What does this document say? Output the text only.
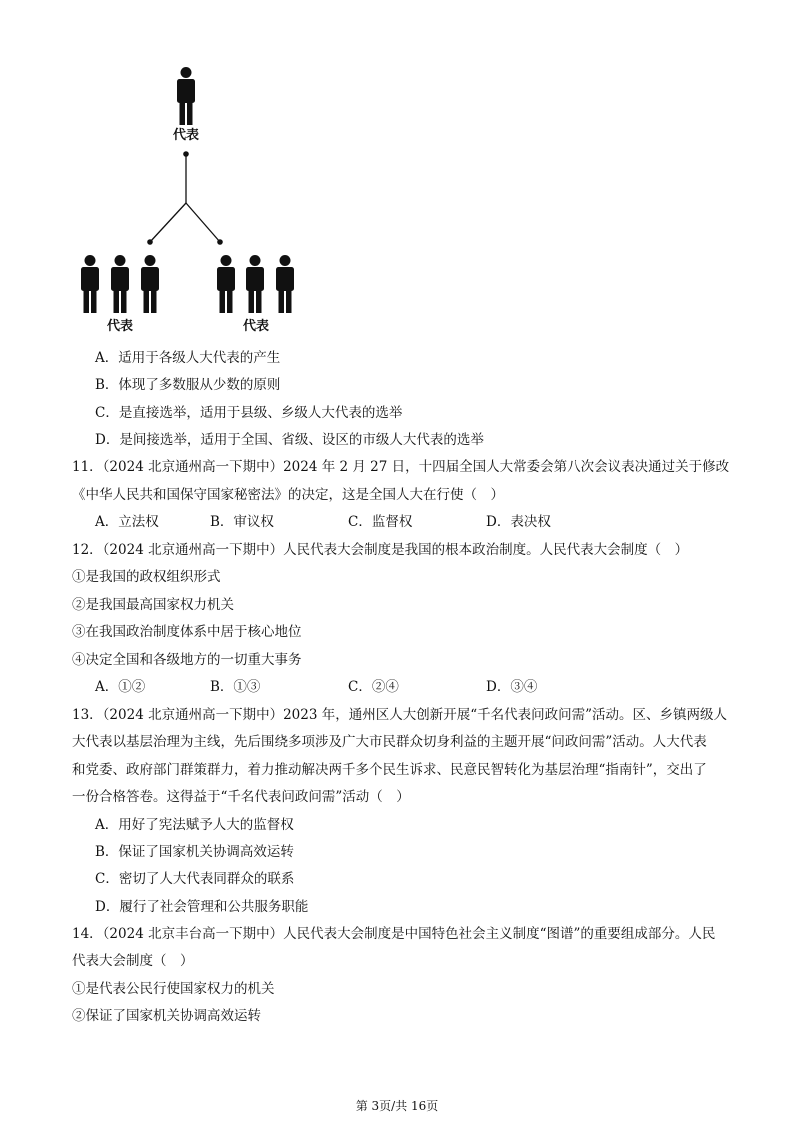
代表
代表	代表
A．适用于各级人大代表的产生
B．体现了多数服从少数的原则
C．是直接选举，适用于县级、乡级人大代表的选举
D．是间接选举，适用于全国、省级、设区的市级人大代表的选举
11．（2024 北京通州高一下期中）2024 年 2 月 27 日，十四届全国人大常委会第八次会议表决通过关于修改
《中华人民共和国保守国家秘密法》的决定，这是全国人大在行使（　）
A．立法权	B．审议权	C．监督权	D．表决权
12．（2024 北京通州高一下期中）人民代表大会制度是我国的根本政治制度。人民代表大会制度（　）
①是我国的政权组织形式
②是我国最高国家权力机关
③在我国政治制度体系中居于核心地位
④决定全国和各级地方的一切重大事务
A．①②	B．①③	C．②④	D．③④
13．（2024 北京通州高一下期中）2023 年，通州区人大创新开展“千名代表问政问需”活动。区、乡镇两级人
大代表以基层治理为主线，先后围绕多项涉及广大市民群众切身利益的主题开展“问政问需”活动。人大代表
和党委、政府部门群策群力，着力推动解决两千多个民生诉求、民意民智转化为基层治理“指南针”，交出了
一份合格答卷。这得益于“千名代表问政问需”活动（　）
A．用好了宪法赋予人大的监督权
B．保证了国家机关协调高效运转
C．密切了人大代表同群众的联系
D．履行了社会管理和公共服务职能
14．（2024 北京丰台高一下期中）人民代表大会制度是中国特色社会主义制度“图谱”的重要组成部分。人民
代表大会制度（　）
①是代表公民行使国家权力的机关
②保证了国家机关协调高效运转
第 3页/共 16页
